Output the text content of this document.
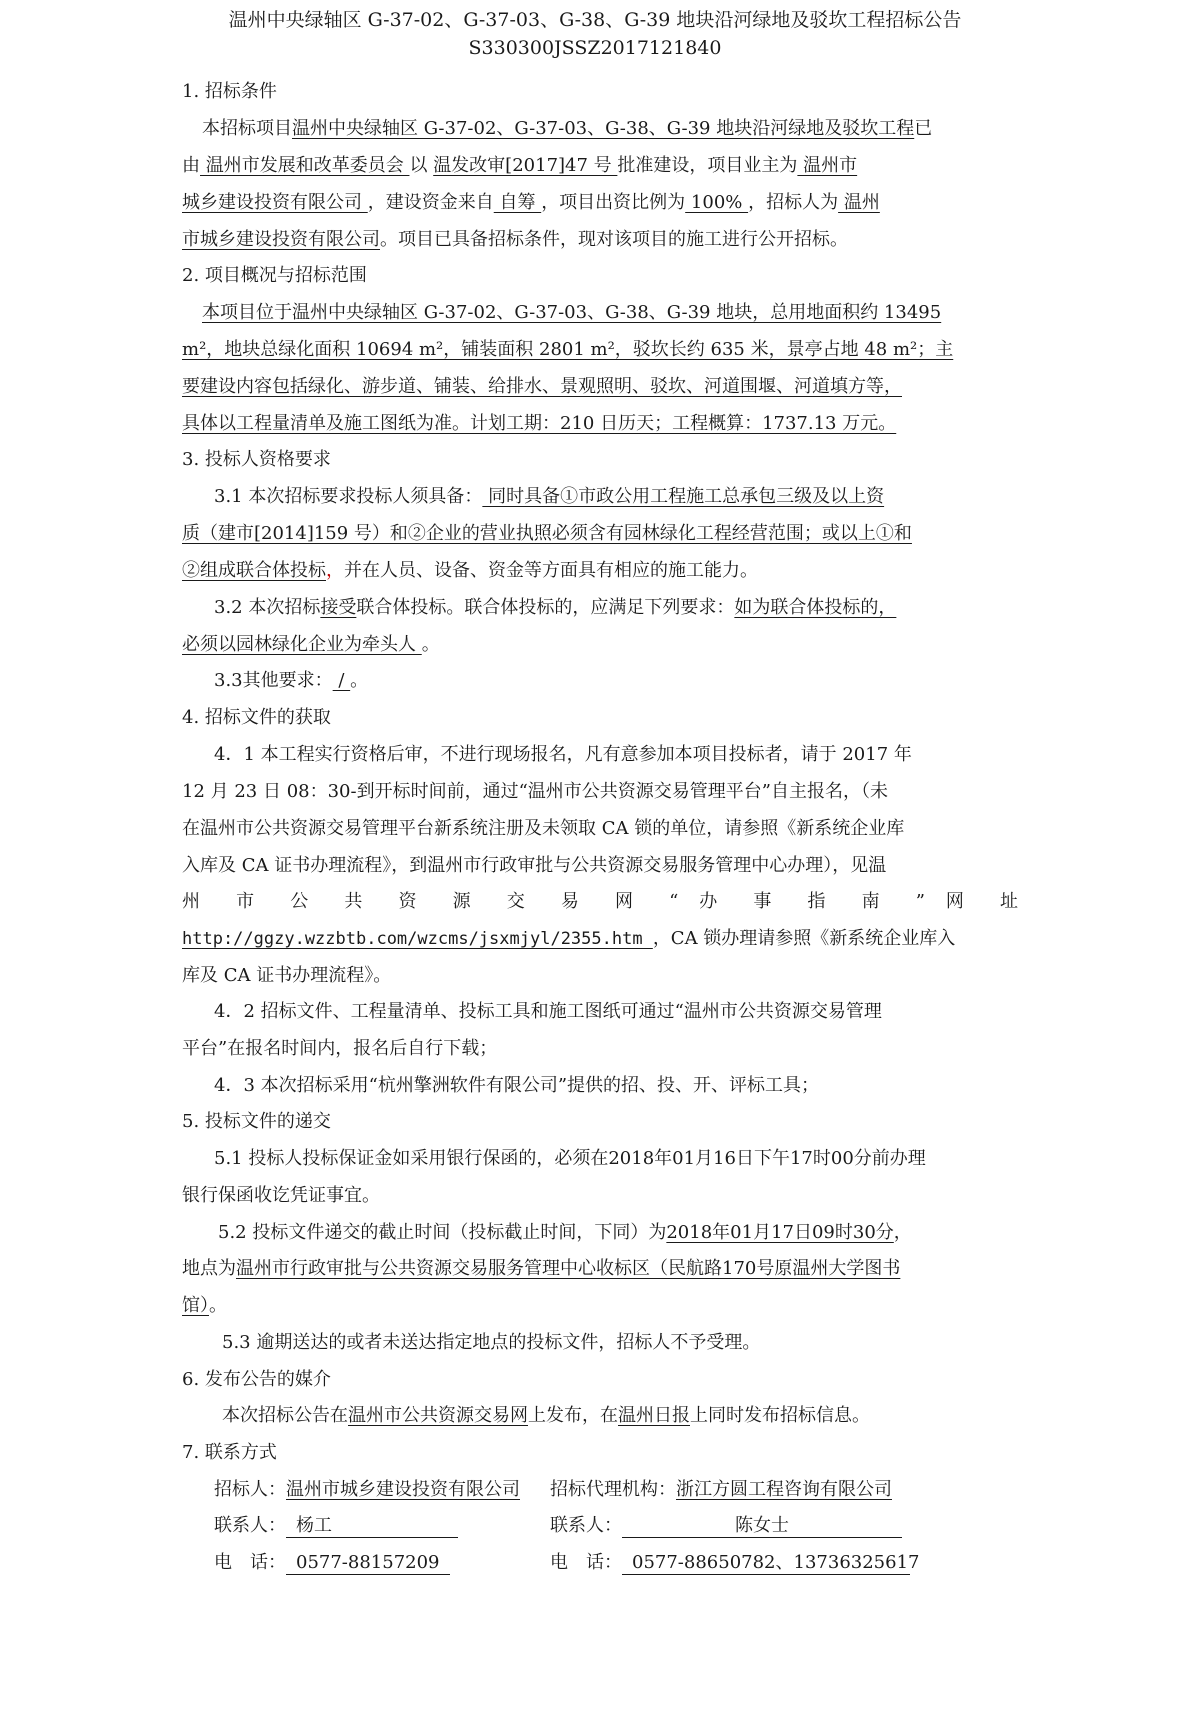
温州中央绿轴区 G-37-02、G-37-03、G-38、G-39 地块沿河绿地及驳坎工程招标公告
S330300JSSZ2017121840
1. 招标条件
本招标项目温州中央绿轴区 G-37-02、G-37-03、G-38、G-39 地块沿河绿地及驳坎工程已
由 温州市发展和改革委员会 以 温发改审[2017]47 号 批准建设，项目业主为 温州市
城乡建设投资有限公司 ，建设资金来自 自筹 ，项目出资比例为 100% ，招标人为 温州
市城乡建设投资有限公司。项目已具备招标条件，现对该项目的施工进行公开招标。
2. 项目概况与招标范围
本项目位于温州中央绿轴区 G-37-02、G-37-03、G-38、G-39 地块，总用地面积约 13495
m²，地块总绿化面积 10694 m²，铺装面积 2801 m²，驳坎长约 635 米，景亭占地 48 m²；主
要建设内容包括绿化、游步道、铺装、给排水、景观照明、驳坎、河道围堰、河道填方等，
具体以工程量清单及施工图纸为准。计划工期：210 日历天；工程概算：1737.13 万元。
3. 投标人资格要求
3.1 本次招标要求投标人须具备： 同时具备①市政公用工程施工总承包三级及以上资
质（建市[2014]159 号）和②企业的营业执照必须含有园林绿化工程经营范围；或以上①和
②组成联合体投标，并在人员、设备、资金等方面具有相应的施工能力。
3.2 本次招标接受联合体投标。联合体投标的，应满足下列要求：如为联合体投标的，
必须以园林绿化企业为牵头人 。
3.3其他要求： / 。
4. 招标文件的获取
4．1 本工程实行资格后审，不进行现场报名，凡有意参加本项目投标者，请于 2017 年
12 月 23 日 08：30-到开标时间前，通过“温州市公共资源交易管理平台”自主报名，（未
在温州市公共资源交易管理平台新系统注册及未领取 CA 锁的单位，请参照《新系统企业库
入库及 CA 证书办理流程》，到温州市行政审批与公共资源交易服务管理中心办理），见温
州 市 公 共 资 源 交 易 网 “ 办 事 指 南 ” 网 址
http://ggzy.wzzbtb.com/wzcms/jsxmjyl/2355.htm ，CA 锁办理请参照《新系统企业库入
库及 CA 证书办理流程》。
4．2 招标文件、工程量清单、投标工具和施工图纸可通过“温州市公共资源交易管理
平台”在报名时间内，报名后自行下载；
4．3 本次招标采用“杭州擎洲软件有限公司”提供的招、投、开、评标工具；
5. 投标文件的递交
5.1 投标人投标保证金如采用银行保函的，必须在2018年01月16日下午17时00分前办理
银行保函收讫凭证事宜。
5.2 投标文件递交的截止时间（投标截止时间，下同）为2018年01月17日09时30分，
地点为温州市行政审批与公共资源交易服务管理中心收标区（民航路170号原温州大学图书
馆）。
5.3 逾期送达的或者未送达指定地点的投标文件，招标人不予受理。
6. 发布公告的媒介
本次招标公告在温州市公共资源交易网上发布，在温州日报上同时发布招标信息。
7. 联系方式
招标人：温州市城乡建设投资有限公司 招标代理机构：浙江方圆工程咨询有限公司
联系人： 杨工	联系人：	陈女士
电　话： 0577-88157209	电　话： 0577-88650782、13736325617
